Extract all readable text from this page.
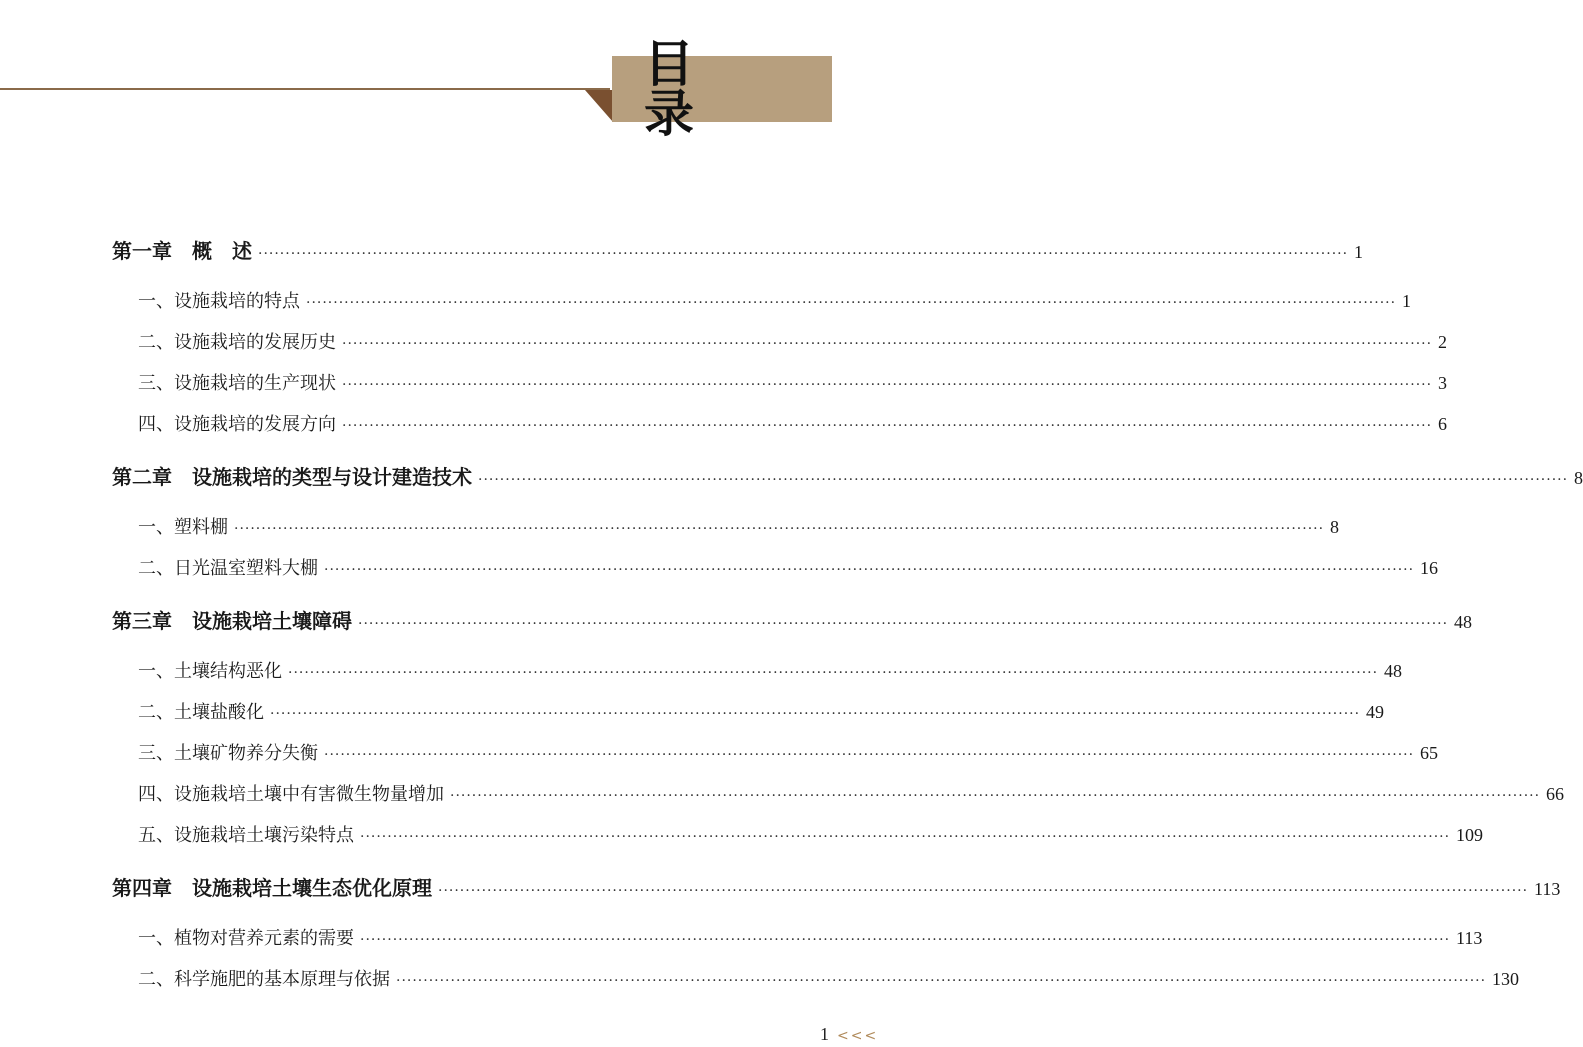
目 录
第一章　概　述 ········································································································································································································ 1
一、设施栽培的特点 ········································································································································································································ 1
二、设施栽培的发展历史 ········································································································································································································ 2
三、设施栽培的生产现状 ········································································································································································································ 3
四、设施栽培的发展方向 ········································································································································································································ 6
第二章　设施栽培的类型与设计建造技术 ········································································································································································································ 8
一、塑料棚 ········································································································································································································ 8
二、日光温室塑料大棚 ········································································································································································································ 16
第三章　设施栽培土壤障碍 ········································································································································································································ 48
一、土壤结构恶化 ········································································································································································································ 48
二、土壤盐酸化 ········································································································································································································ 49
三、土壤矿物养分失衡 ········································································································································································································ 65
四、设施栽培土壤中有害微生物量增加 ········································································································································································································ 66
五、设施栽培土壤污染特点 ········································································································································································································ 109
第四章　设施栽培土壤生态优化原理 ········································································································································································································ 113
一、植物对营养元素的需要 ········································································································································································································ 113
二、科学施肥的基本原理与依据 ········································································································································································································ 130
1 <<<
